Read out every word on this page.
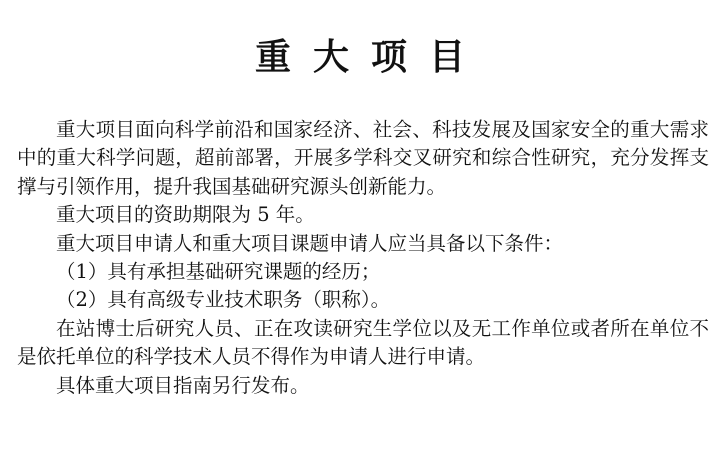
重大项目

重大项目面向科学前沿和国家经济、社会、科技发展及国家安全的重大需求中的重大科学问题，超前部署，开展多学科交叉研究和综合性研究，充分发挥支撑与引领作用，提升我国基础研究源头创新能力。

重大项目的资助期限为 5 年。

重大项目申请人和重大项目课题申请人应当具备以下条件：

（1）具有承担基础研究课题的经历；

（2）具有高级专业技术职务（职称）。

在站博士后研究人员、正在攻读研究生学位以及无工作单位或者所在单位不是依托单位的科学技术人员不得作为申请人进行申请。

具体重大项目指南另行发布。
